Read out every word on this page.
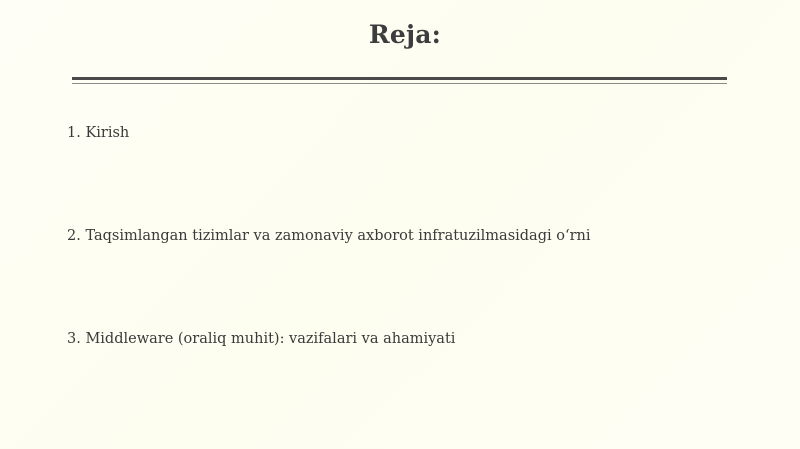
Reja:
1. Kirish
2. Taqsimlangan tizimlar va zamonaviy axborot infratuzilmasidagi o‘rni
3. Middleware (oraliq muhit): vazifalari va ahamiyati
